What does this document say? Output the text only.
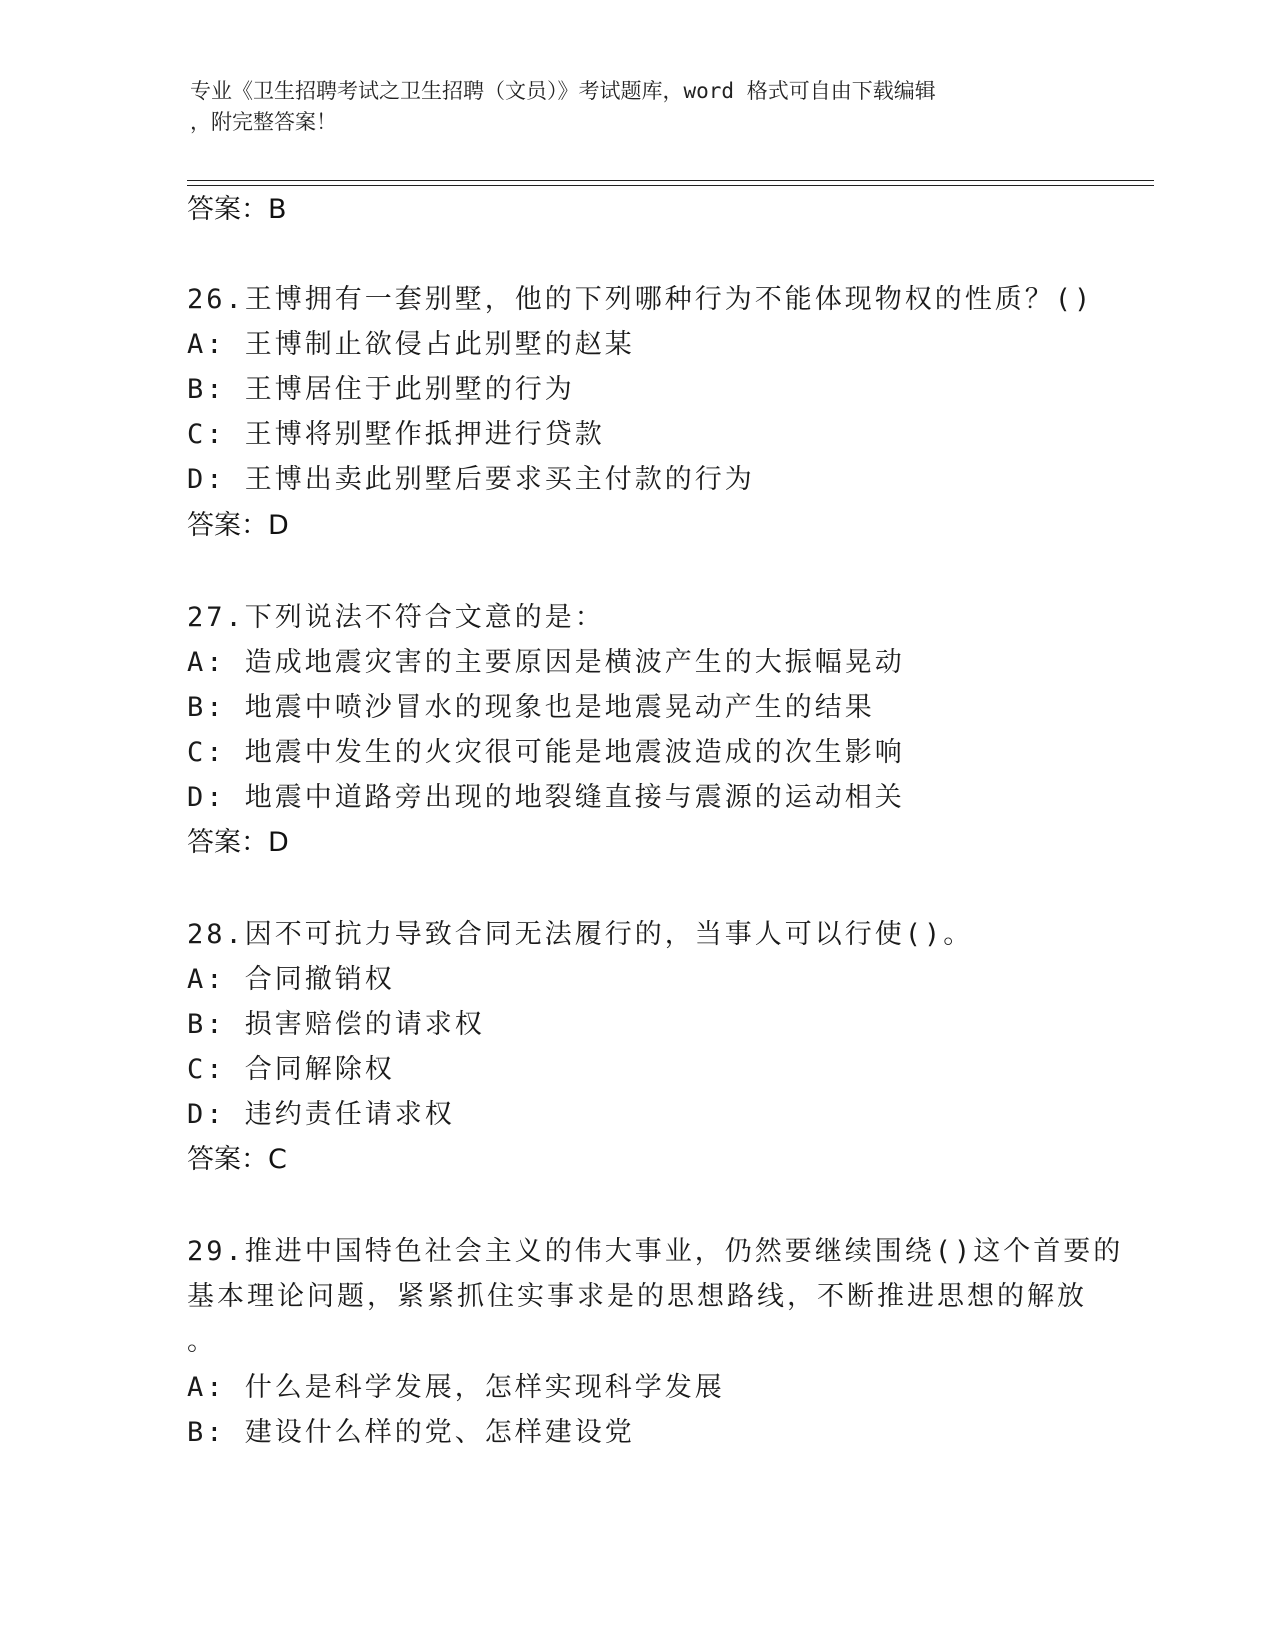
专业《卫生招聘考试之卫生招聘（文员）》考试题库，word 格式可自由下载编辑
，附完整答案！
答案：B
26.王博拥有一套别墅，他的下列哪种行为不能体现物权的性质？()
A: 王博制止欲侵占此别墅的赵某
B: 王博居住于此别墅的行为
C: 王博将别墅作抵押进行贷款
D: 王博出卖此别墅后要求买主付款的行为
答案：D
27.下列说法不符合文意的是：
A: 造成地震灾害的主要原因是横波产生的大振幅晃动
B: 地震中喷沙冒水的现象也是地震晃动产生的结果
C: 地震中发生的火灾很可能是地震波造成的次生影响
D: 地震中道路旁出现的地裂缝直接与震源的运动相关
答案：D
28.因不可抗力导致合同无法履行的，当事人可以行使()。
A: 合同撤销权
B: 损害赔偿的请求权
C: 合同解除权
D: 违约责任请求权
答案：C
29.推进中国特色社会主义的伟大事业，仍然要继续围绕()这个首要的
基本理论问题，紧紧抓住实事求是的思想路线，不断推进思想的解放
。
A: 什么是科学发展，怎样实现科学发展
B: 建设什么样的党、怎样建设党
